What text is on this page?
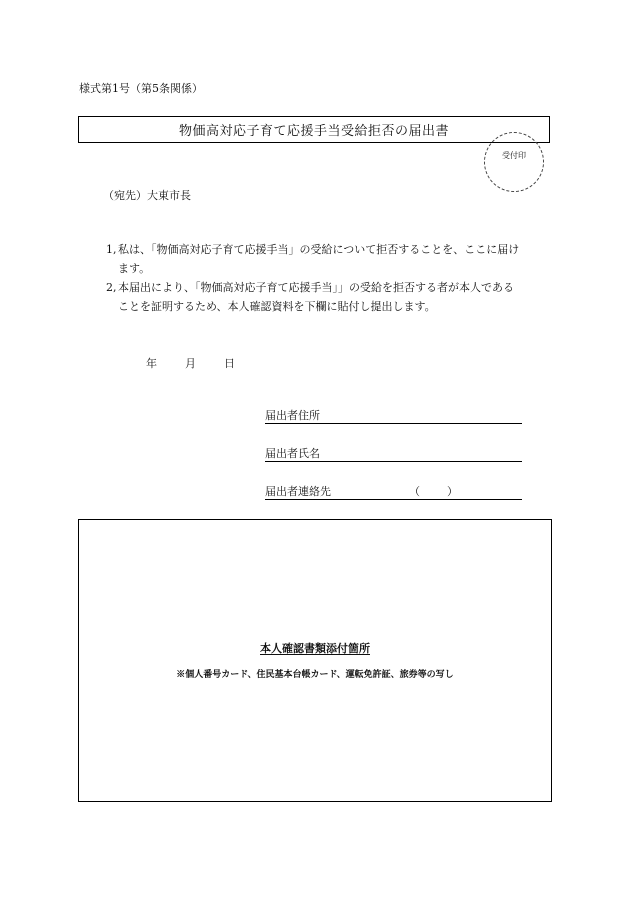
様式第1号（第5条関係）
物価高対応子育て応援手当受給拒否の届出書
受付印
（宛先）大東市長
1, 私は、「物価高対応子育て応援手当」の受給について拒否することを、ここに届け
ます。
2, 本届出により、「物価高対応子育て応援手当」」の受給を拒否する者が本人である
ことを証明するため、本人確認資料を下欄に貼付し提出します。
年	月	日
届出者住所
届出者氏名
届出者連絡先	（ ）
本人確認書類添付箇所
※個人番号カード、住民基本台帳カード、運転免許証、旅券等の写し
